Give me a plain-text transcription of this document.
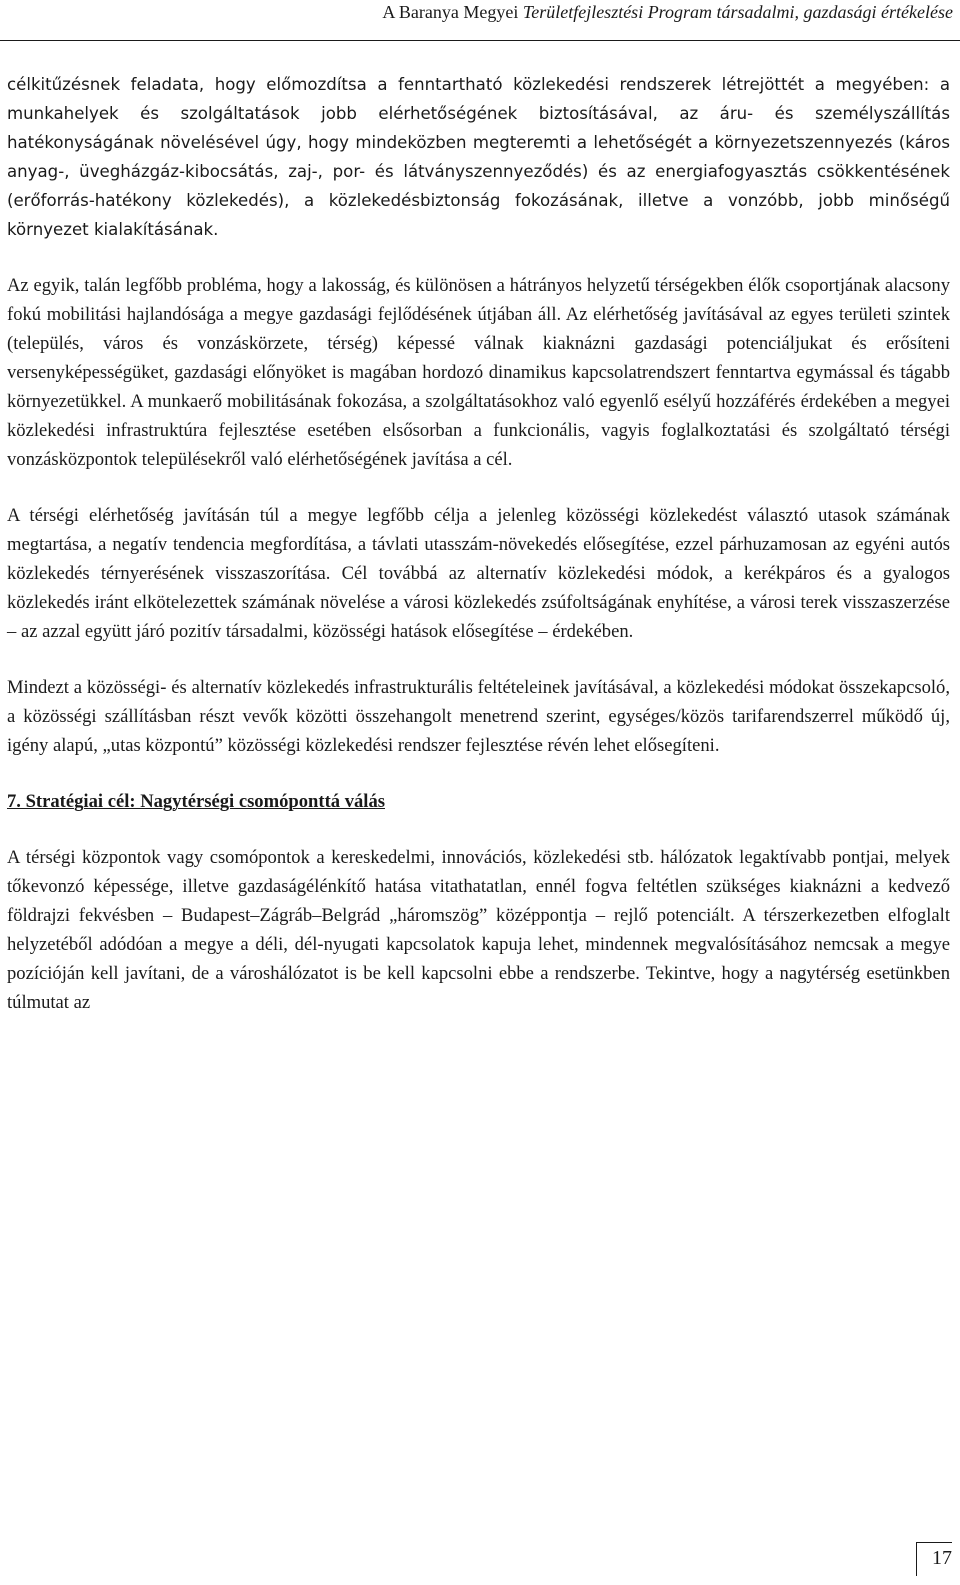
A Baranya Megyei Területfejlesztési Program társadalmi, gazdasági értékelése

célkitűzésnek feladata, hogy előmozdítsa a fenntartható közlekedési rendszerek létrejöttét a megyében: a munkahelyek és szolgáltatások jobb elérhetőségének biztosításával, az áru- és személyszállítás hatékonyságának növelésével úgy, hogy mindeközben megteremti a lehetőségét a környezetszennyezés (káros anyag-, üvegházgáz-kibocsátás, zaj-, por- és látványszennyeződés) és az energiafogyasztás csökkentésének (erőforrás-hatékony közlekedés), a közlekedésbiztonság fokozásának, illetve a vonzóbb, jobb minőségű környezet kialakításának.

Az egyik, talán legfőbb probléma, hogy a lakosság, és különösen a hátrányos helyzetű térségekben élők csoportjának alacsony fokú mobilitási hajlandósága a megye gazdasági fejlődésének útjában áll. Az elérhetőség javításával az egyes területi szintek (település, város és vonzáskörzete, térség) képessé válnak kiaknázni gazdasági potenciáljukat és erősíteni versenyképességüket, gazdasági előnyöket is magában hordozó dinamikus kapcsolatrendszert fenntartva egymással és tágabb környezetükkel. A munkaerő mobilitásának fokozása, a szolgáltatásokhoz való egyenlő esélyű hozzáférés érdekében a megyei közlekedési infrastruktúra fejlesztése esetében elsősorban a funkcionális, vagyis foglalkoztatási és szolgáltató térségi vonzásközpontok településekről való elérhetőségének javítása a cél.

A térségi elérhetőség javításán túl a megye legfőbb célja a jelenleg közösségi közlekedést választó utasok számának megtartása, a negatív tendencia megfordítása, a távlati utasszám-növekedés elősegítése, ezzel párhuzamosan az egyéni autós közlekedés térnyerésének visszaszorítása. Cél továbbá az alternatív közlekedési módok, a kerékpáros és a gyalogos közlekedés iránt elkötelezettek számának növelése a városi közlekedés zsúfoltságának enyhítése, a városi terek visszaszerzése – az azzal együtt járó pozitív társadalmi, közösségi hatások elősegítése – érdekében.

Mindezt a közösségi- és alternatív közlekedés infrastrukturális feltételeinek javításával, a közlekedési módokat összekapcsoló, a közösségi szállításban részt vevők közötti összehangolt menetrend szerint, egységes/közös tarifarendszerrel működő új, igény alapú, „utas központú” közösségi közlekedési rendszer fejlesztése révén lehet elősegíteni.

7. Stratégiai cél: Nagytérségi csomóponttá válás

A térségi központok vagy csomópontok a kereskedelmi, innovációs, közlekedési stb. hálózatok legaktívabb pontjai, melyek tőkevonzó képessége, illetve gazdaságélénkítő hatása vitathatatlan, ennél fogva feltétlen szükséges kiaknázni a kedvező földrajzi fekvésben – Budapest–Zágráb–Belgrád „háromszög” középpontja – rejlő potenciált. A térszerkezetben elfoglalt helyzetéből adódóan a megye a déli, dél-nyugati kapcsolatok kapuja lehet, mindennek megvalósításához nemcsak a megye pozícióján kell javítani, de a városhálózatot is be kell kapcsolni ebbe a rendszerbe. Tekintve, hogy a nagytérség esetünkben túlmutat az

17
